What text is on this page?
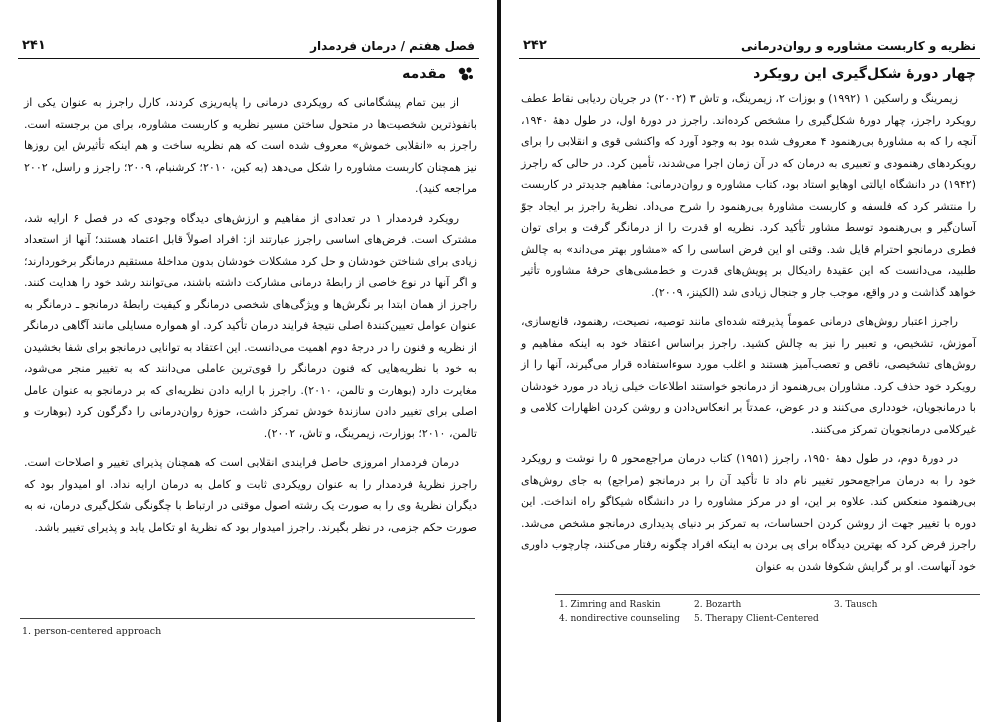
فصل هفتم / درمان فردمدار
۲۴۱
مقدمه

از بین تمام پیشگامانی که رویکردی درمانی را پایه‌ریزی کردند، کارل راجرز به عنوان یکی از بانفوذترین شخصیت‌ها در متحول ساختن مسیر نظریه و کاربست مشاوره، برای من برجسته است. راجرز به «انقلابی خموش» معروف شده است که هم نظریه ساخت و هم اینکه تأثیرش این روزها نیز همچنان کاربست مشاوره را شکل می‌دهد (به کین، ۲۰۱۰؛ کرشنبام، ۲۰۰۹؛ راجرز و راسل، ۲۰۰۲ مراجعه کنید).

رویکرد فردمدار ۱ در تعدادی از مفاهیم و ارزش‌های دیدگاه وجودی که در فصل ۶ ارایه شد، مشترک است. فرض‌های اساسی راجرز عبارتند از: افراد اصولاً قابل اعتماد هستند؛ آنها از استعداد زیادی برای شناختن خودشان و حل کرد مشکلات خودشان بدون مداخلهٔ مستقیم درمانگر برخوردارند؛ و اگر آنها در نوع خاصی از رابطهٔ درمانی مشارکت داشته باشند، می‌توانند رشد خود را هدایت کنند. راجرز از همان ابتدا بر نگرش‌ها و ویژگی‌های شخصی درمانگر و کیفیت رابطهٔ درمانجو ـ درمانگر به عنوان عوامل تعیین‌کنندهٔ اصلی نتیجهٔ فرایند درمان تأکید کرد. او همواره مسایلی مانند آگاهی درمانگر از نظریه و فنون را در درجهٔ دوم اهمیت می‌دانست. این اعتقاد به توانایی درمانجو برای شفا بخشیدن به خود با نظریه‌هایی که فنون درمانگر را قوی‌ترین عاملی می‌دانند که به تغییر منجر می‌شود، مغایرت دارد (بوهارت و تالمن، ۲۰۱۰). راجرز با ارایه دادن نظریه‌ای که بر درمانجو به عنوان عامل اصلی برای تغییر دادن سازندهٔ خودش تمرکز داشت، حوزهٔ روان‌درمانی را دگرگون کرد (بوهارت و تالمن، ۲۰۱۰؛ بوزارت، زیمرینگ، و تاش، ۲۰۰۲).

درمان فردمدار امروزی حاصل فرایندی انقلابی است که همچنان پذیرای تغییر و اصلاحات است. راجرز نظریهٔ فردمدار را به عنوان رویکردی ثابت و کامل به درمان ارایه نداد. او امیدوار بود که دیگران نظریهٔ وی را به صورت یک رشته اصول موقتی در ارتباط با چگونگی شکل‌گیری درمان، نه به صورت حکم جزمی، در نظر بگیرند. راجرز امیدوار بود که نظریهٔ او تکامل یابد و پذیرای تغییر باشد.

1. person-centered approach
نظریه و کاربست مشاوره و روان‌درمانی
۲۴۲
چهار دورهٔ شکل‌گیری این رویکرد

زیمرینگ و راسکین ۱ (۱۹۹۲) و بوزات ۲، زیمرینگ، و تاش ۳ (۲۰۰۲) در جریان ردیابی نقاط عطف رویکرد راجرز، چهار دورهٔ شکل‌گیری را مشخص کرده‌اند. راجرز در دورهٔ اول، در طول دههٔ ۱۹۴۰، آنچه را که به مشاورهٔ بی‌رهنمود ۴ معروف شده بود به وجود آورد که واکنشی قوی و انقلابی را برای رویکردهای رهنمودی و تعبیری به درمان که در آن زمان اجرا می‌شدند، تأمین کرد. در حالی که راجرز (۱۹۴۲) در دانشگاه ایالتی اوهایو استاد بود، کتاب مشاوره و روان‌درمانی: مفاهیم جدیدتر در کاربست را منتشر کرد که فلسفه و کاربست مشاورهٔ بی‌رهنمود را شرح می‌داد. نظریهٔ راجرز بر ایجاد جوّ آسان‌گیر و بی‌رهنمود توسط مشاور تأکید کرد. نظریه او قدرت را از درمانگر گرفت و برای توان فطری درمانجو احترام قایل شد. وقتی او این فرض اساسی را که «مشاور بهتر می‌داند» به چالش طلبید، می‌دانست که این عقیدهٔ رادیکال بر پویش‌های قدرت و خط‌مشی‌های حرفهٔ مشاوره تأثیر خواهد گذاشت و در واقع، موجب جار و جنجال زیادی شد (الکینز، ۲۰۰۹).

راجرز اعتبار روش‌های درمانی عموماً پذیرفته شده‌ای مانند توصیه، نصیحت، رهنمود، قانع‌سازی، آموزش، تشخیص، و تعبیر را نیز به چالش کشید. راجرز براساس اعتقاد خود به اینکه مفاهیم و روش‌های تشخیصی، ناقص و تعصب‌آمیز هستند و اغلب مورد سوءاستفاده قرار می‌گیرند، آنها را از رویکرد خود حذف کرد. مشاوران بی‌رهنمود از درمانجو خواستند اطلاعات خیلی زیاد در مورد خودشان با درمانجویان، خودداری می‌کنند و در عوض، عمدتاً بر انعکاس‌دادن و روشن کردن اظهارات کلامی و غیرکلامی درمانجویان تمرکز می‌کنند.

در دورهٔ دوم، در طول دههٔ ۱۹۵۰، راجرز (۱۹۵۱) کتاب درمان مراجع‌محور ۵ را نوشت و رویکرد خود را به درمان مراجع‌محور تغییر نام داد تا تأکید آن را بر درمانجو (مراجع) به جای روش‌های بی‌رهنمود منعکس کند. علاوه بر این، او در مرکز مشاوره را در دانشگاه شیکاگو راه انداخت. این دوره با تغییر جهت از روشن کردن احساسات، به تمرکز بر دنیای پدیداری درمانجو مشخص می‌شد. راجرز فرض کرد که بهترین دیدگاه برای پی بردن به اینکه افراد چگونه رفتار می‌کنند، چارچوب داوری خود آنهاست. او بر گرایش شکوفا شدن به عنوان

1. Zimring and Raskin	2. Bozarth	3. Tausch
4. nondirective counseling	5. Therapy Client-Centered
